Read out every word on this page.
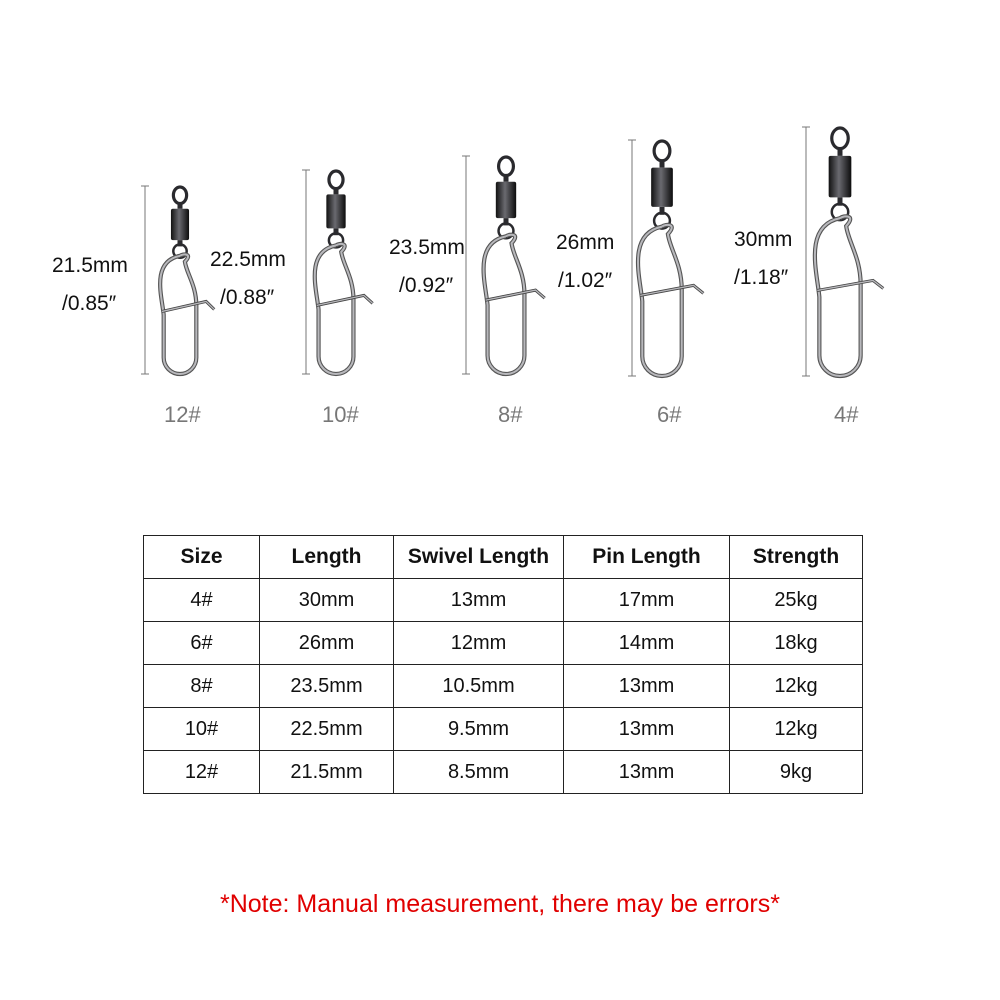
21.5mm
/0.85″
22.5mm
/0.88″
23.5mm
/0.92″
26mm
/1.02″
30mm
/1.18″
12#	10#	8#	6#	4#
Size	Length	Swivel Length	Pin Length	Strength
4#	30mm	13mm	17mm	25kg
6#	26mm	12mm	14mm	18kg
8#	23.5mm	10.5mm	13mm	12kg
10#	22.5mm	9.5mm	13mm	12kg
12#	21.5mm	8.5mm	13mm	9kg
*Note: Manual measurement, there may be errors*
